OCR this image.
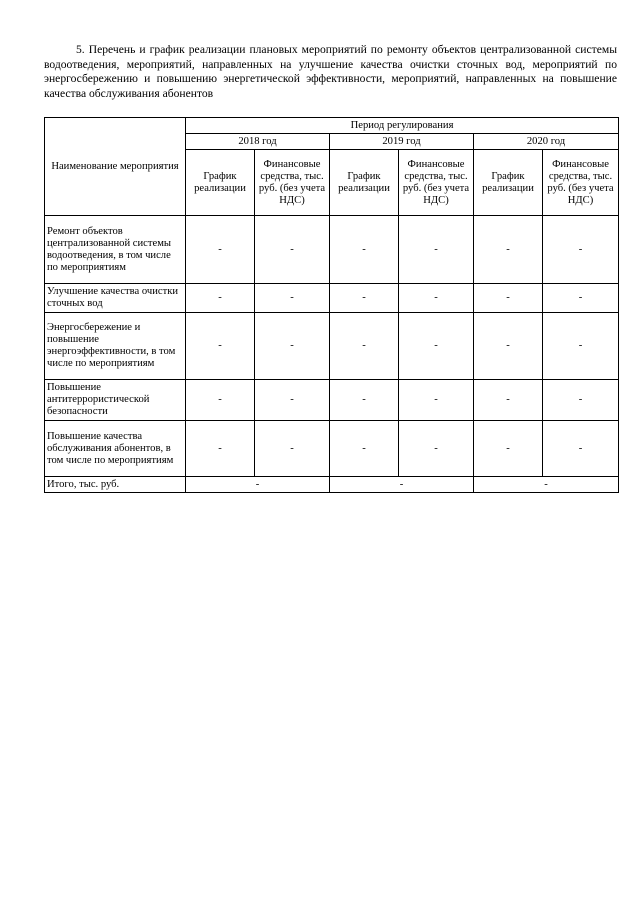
5. Перечень и график реализации плановых мероприятий по ремонту объектов централизованной системы водоотведения, мероприятий, направленных на улучшение качества очистки сточных вод, мероприятий по энергосбережению и повышению энергетической эффективности, мероприятий, направленных на повышение качества обслуживания абонентов

Наименование мероприятия	Период регулирования					
	2018 год		2019 год		2020 год	
	График реализации	Финансовые средства, тыс. руб. (без учета НДС)	График реализации	Финансовые средства, тыс. руб. (без учета НДС)	График реализации	Финансовые средства, тыс. руб. (без учета НДС)
Ремонт объектов централизованной системы водоотведения, в том числе по мероприятиям	-	-	-	-	-	-
Улучшение качества очистки сточных вод	-	-	-	-	-	-
Энергосбережение и повышение энергоэффективности, в том числе по мероприятиям	-	-	-	-	-	-
Повышение антитеррористической безопасности	-	-	-	-	-	-
Повышение качества обслуживания абонентов, в том числе по мероприятиям	-	-	-	-	-	-
Итого, тыс. руб.	-		-		-	
